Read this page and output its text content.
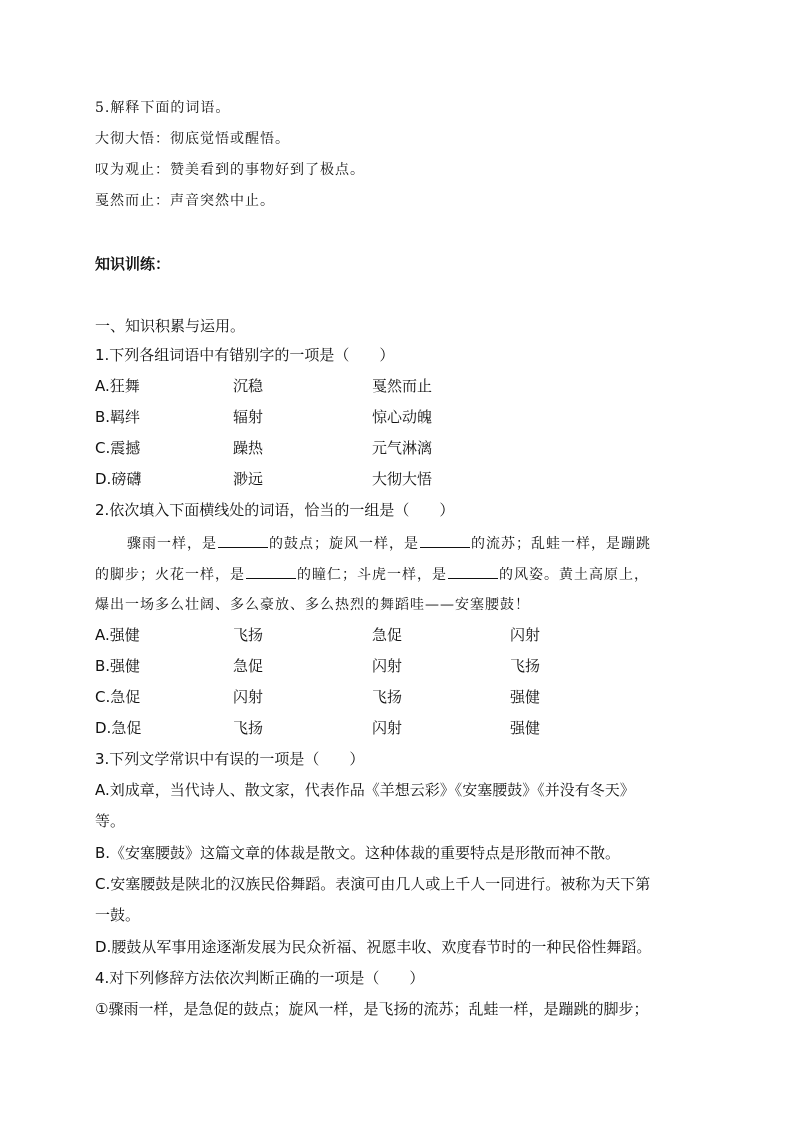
5.解释下面的词语。
大彻大悟：彻底觉悟或醒悟。
叹为观止：赞美看到的事物好到了极点。
戛然而止：声音突然中止。
知识训练：
一、知识积累与运用。
1.下列各组词语中有错别字的一项是（　　）
A.狂舞	沉稳	戛然而止
B.羁绊	辐射	惊心动魄
C.震撼	躁热	元气淋漓
D.磅礴	渺远	大彻大悟
2.依次填入下面横线处的词语，恰当的一组是（　　）
骤雨一样，是	的鼓点；旋风一样，是	的流苏；乱蛙一样，是蹦跳
的脚步；火花一样，是	的瞳仁；斗虎一样，是	的风姿。黄土高原上，
爆出一场多么壮阔、多么豪放、多么热烈的舞蹈哇——安塞腰鼓！
A.强健	飞扬	急促	闪射
B.强健	急促	闪射	飞扬
C.急促	闪射	飞扬	强健
D.急促	飞扬	闪射	强健
3.下列文学常识中有误的一项是（　　）
A.刘成章，当代诗人、散文家，代表作品《羊想云彩》《安塞腰鼓》《并没有冬天》
等。
B.《安塞腰鼓》这篇文章的体裁是散文。这种体裁的重要特点是形散而神不散。
C.安塞腰鼓是陕北的汉族民俗舞蹈。表演可由几人或上千人一同进行。被称为天下第
一鼓。
D.腰鼓从军事用途逐渐发展为民众祈福、祝愿丰收、欢度春节时的一种民俗性舞蹈。
4.对下列修辞方法依次判断正确的一项是（　　）
①骤雨一样，是急促的鼓点；旋风一样，是飞扬的流苏；乱蛙一样，是蹦跳的脚步；
